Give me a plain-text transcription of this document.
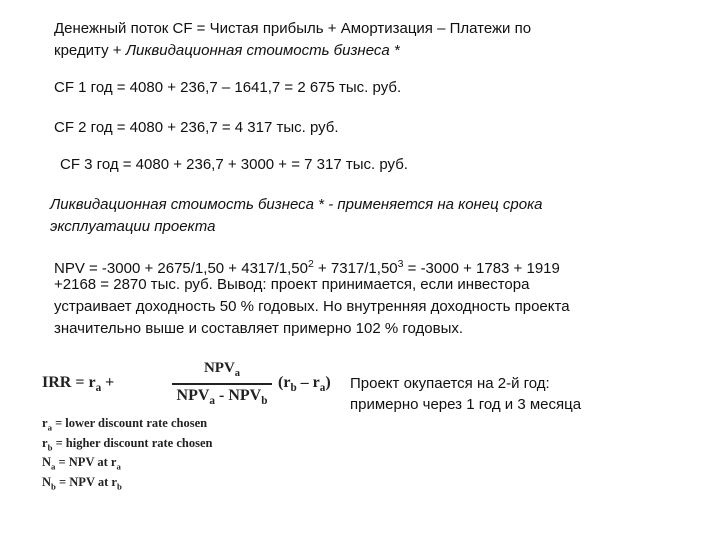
Денежный поток CF = Чистая прибыль + Амортизация – Платежи по
кредиту + Ликвидационная стоимость бизнеса *
CF 1 год = 4080 + 236,7 – 1641,7 = 2 675 тыс. руб.
CF 2 год = 4080 + 236,7 = 4 317 тыс. руб.
CF 3 год = 4080 + 236,7 + 3000 + = 7 317 тыс. руб.
Ликвидационная стоимость бизнеса * - применяется на конец срока
эксплуатации проекта
NPV = $-3000 + 2675/1,50 + 4317/1,50^2 + 7317/1,50^3 = -3000 + 1783 + 1919$
+2168 = 2870 тыс. руб. Вывод: проект принимается, если инвестора
устраивает доходность 50 % годовых. Но внутренняя доходность проекта
значительно выше и составляет примерно 102 % годовых.
IRR = $r_a$ +
$NPV_a$
$NPV_a - NPV_b$
$(r_b - r_a)$
$r_a$ = lower discount rate chosen
$r_b$ = higher discount rate chosen
$N_a$ = NPV at $r_a$
$N_b$ = NPV at $r_b$
Проект окупается на 2-й год:
примерно через 1 год и 3 месяца
